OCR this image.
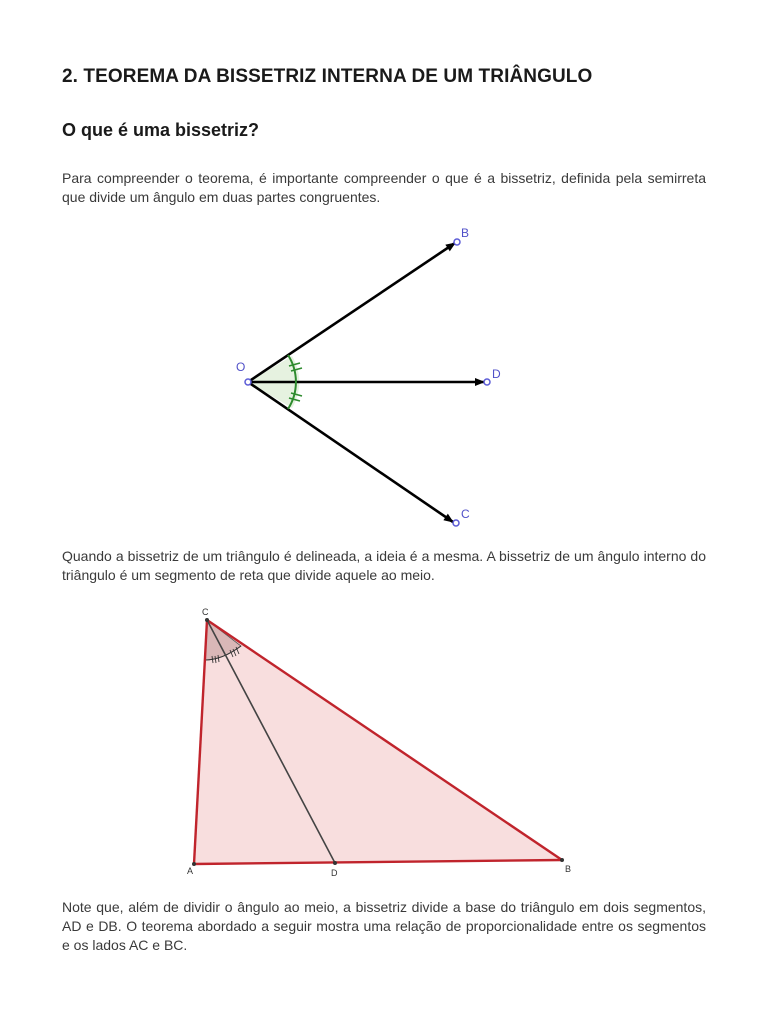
2. TEOREMA DA BISSETRIZ INTERNA DE UM TRIÂNGULO
O que é uma bissetriz?

Para compreender o teorema, é importante compreender o que é a bissetriz, definida pela semirreta que divide um ângulo em duas partes congruentes.

O
B
D
C

Quando a bissetriz de um triângulo é delineada, a ideia é a mesma. A bissetriz de um ângulo interno do triângulo é um segmento de reta que divide aquele ao meio.

C
A	D	B

Note que, além de dividir o ângulo ao meio, a bissetriz divide a base do triângulo em dois segmentos, AD e DB. O teorema abordado a seguir mostra uma relação de proporcionalidade entre os segmentos e os lados AC e BC.
